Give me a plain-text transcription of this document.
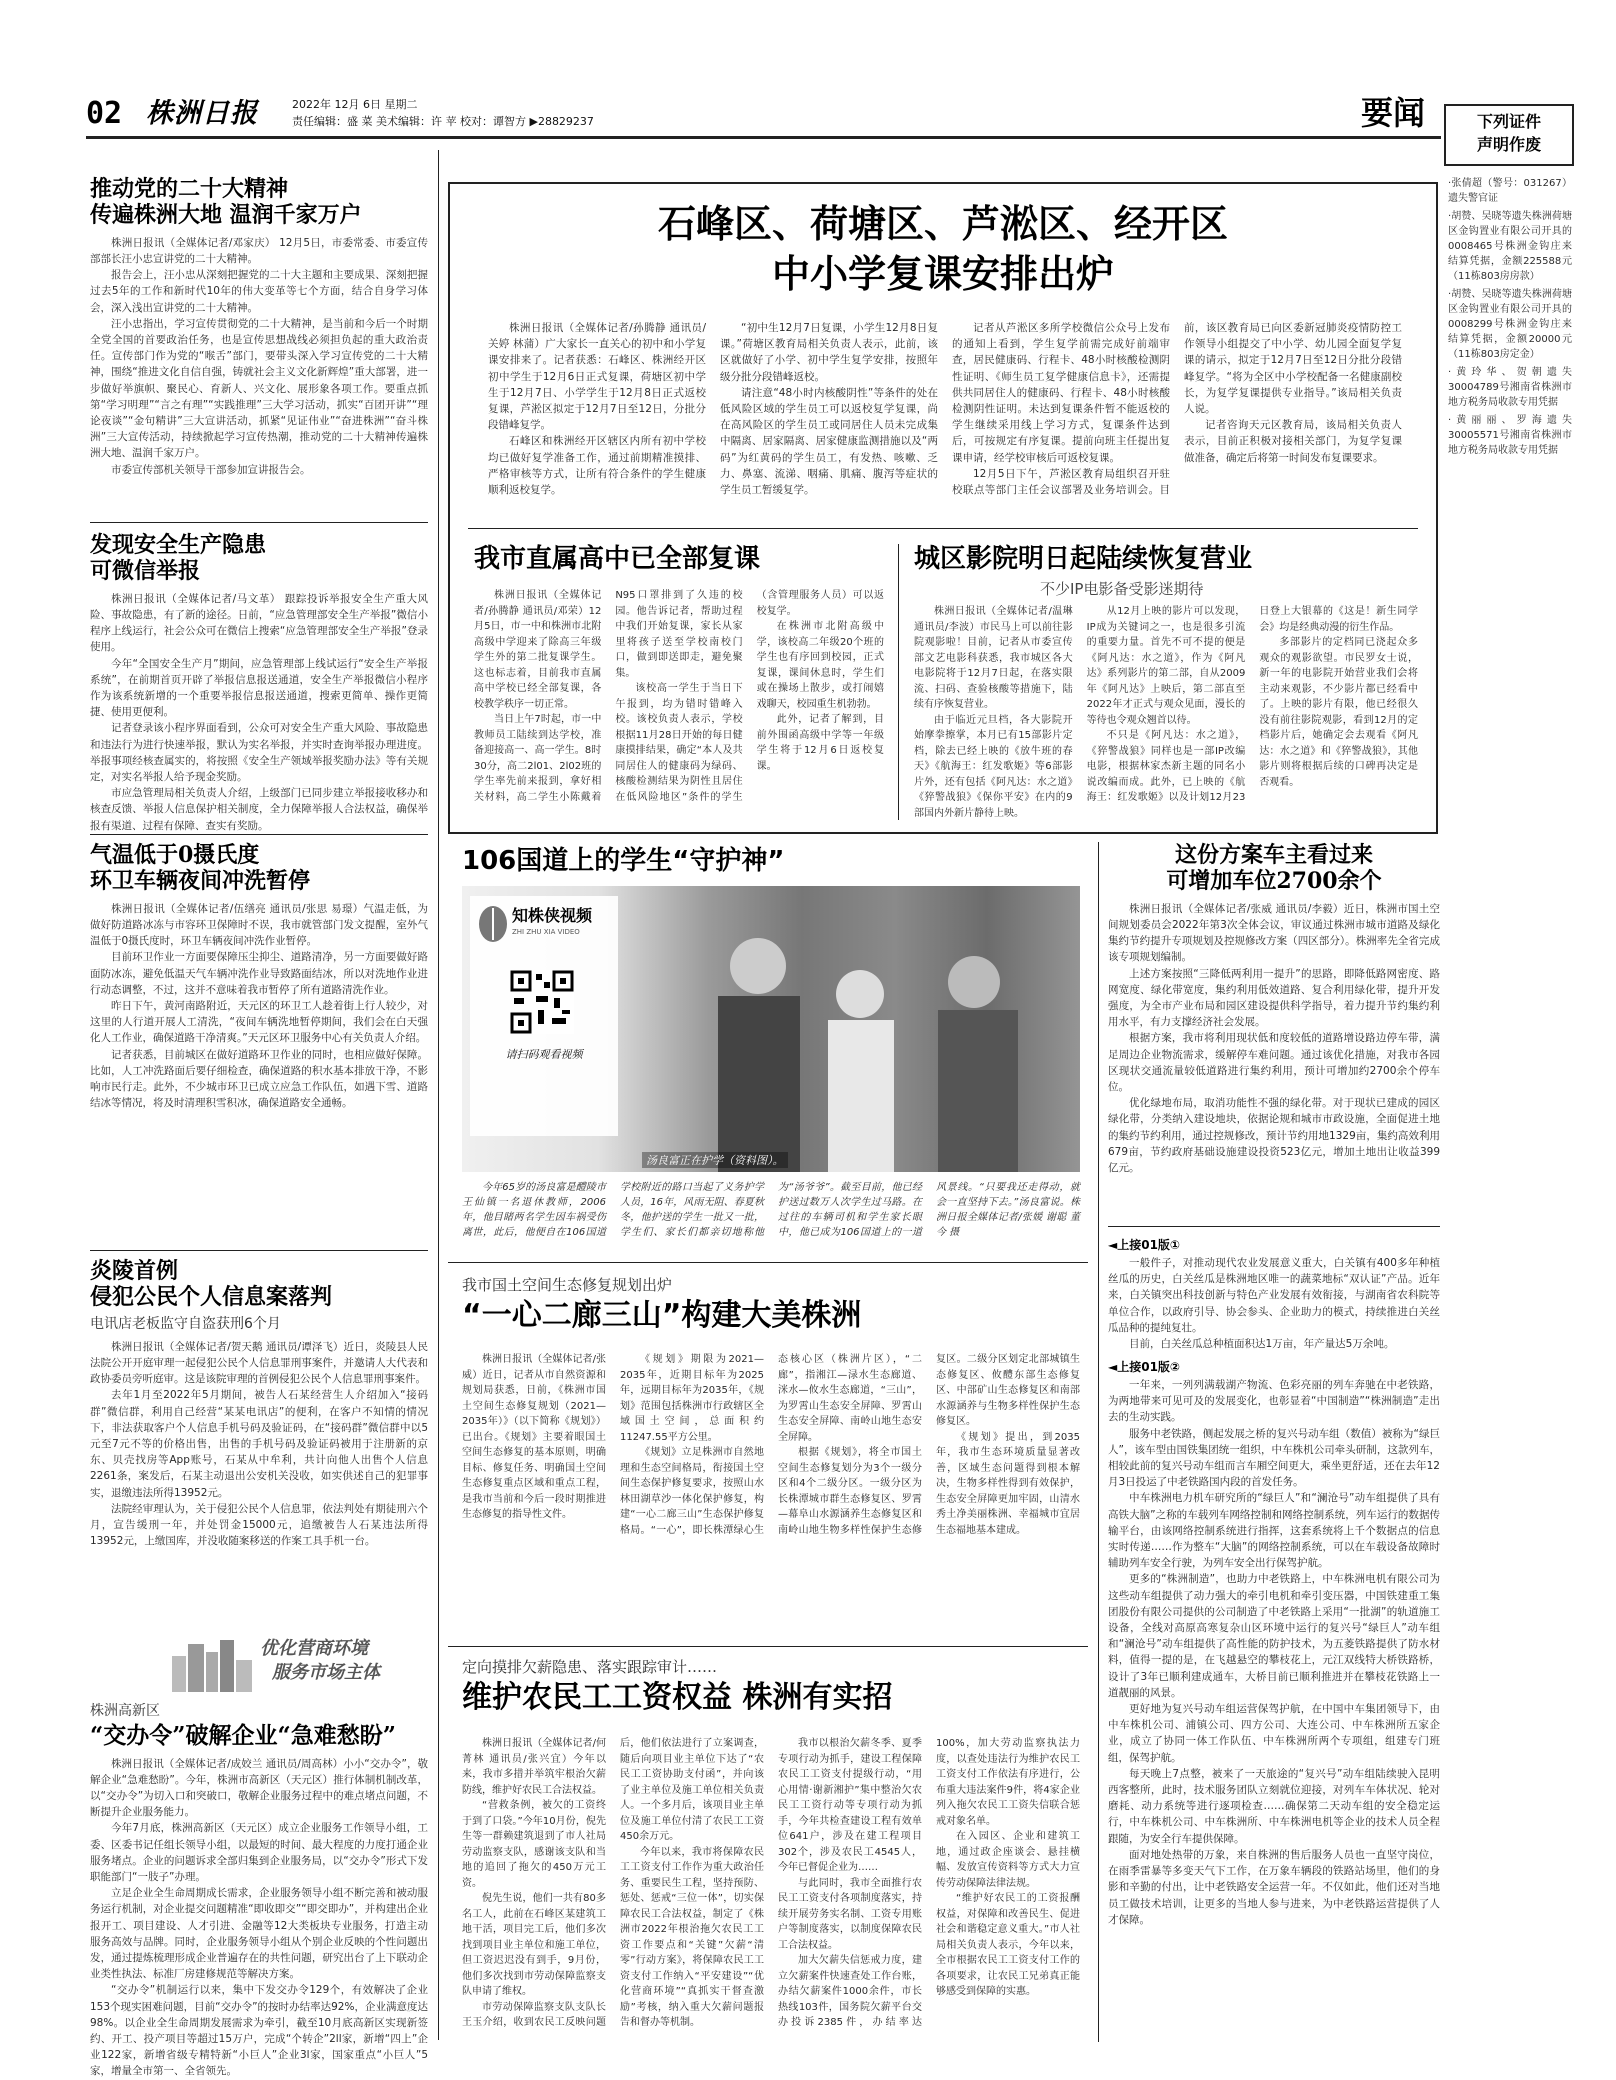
02 株洲日报	2022年 12月 6日 星期二
责任编辑：盛 菜 美术编辑：许 苹 校对：谭智方 ▶28829237	要闻	下列证件
声明作废

·张倩超（警号：031267）遗失警官证

·胡赞、吴晓等遗失株洲荷塘区金钩置业有限公司开具的0008465号株洲金钩庄来结算凭据，金额225588元（11栋803房房款）

·胡赞、吴晓等遗失株洲荷塘区金钩置业有限公司开具的0008299号株洲金钩庄来结算凭据，金额20000元（11栋803房定金）

·黄玲华、贺朝遗失30004789号湘南省株洲市地方税务局收款专用凭据

·黄丽丽、罗海遗失30005571号湘南省株洲市地方税务局收款专用凭据

推动党的二十大精神
传遍株洲大地 温润千家万户

株洲日报讯（全媒体记者/邓家庆） 12月5日，市委常委、市委宣传部部长汪小忠宣讲党的二十大精神。

报告会上，汪小忠从深刻把握党的二十大主题和主要成果、深刻把握过去5年的工作和新时代10年的伟大变革等七个方面，结合自身学习体会，深入浅出宣讲党的二十大精神。

汪小忠指出，学习宣传贯彻党的二十大精神，是当前和今后一个时期全党全国的首要政治任务，也是宣传思想战线必须担负起的重大政治责任。宣传部门作为党的“喉舌”部门，要带头深入学习宣传党的二十大精神，围绕“推进文化自信自强，铸就社会主义文化新辉煌”重大部署，进一步做好举旗帜、聚民心、育新人、兴文化、展形象各项工作。要重点抓第“学习明理”“言之有理”“实践推理”三大学习活动，抓实“百团开讲”“理论夜谈”“金句精讲”三大宣讲活动，抓紧“见证伟业”“奋进株洲”“奋斗株洲”三大宣传活动，持续掀起学习宣传热潮，推动党的二十大精神传遍株洲大地、温润千家万户。

市委宣传部机关领导干部参加宣讲报告会。

发现安全生产隐患
可微信举报

株洲日报讯（全媒体记者/马文革） 跟踪投诉举报安全生产重大风险、事故隐患，有了新的途径。日前，“应急管理部安全生产举报”微信小程序上线运行，社会公众可在微信上搜索“应急管理部安全生产举报”登录使用。

今年“全国安全生产月”期间，应急管理部上线试运行“安全生产举报系统”，在前期首页开辟了举报信息报送通道，安全生产举报微信小程序作为该系统新增的一个重要举报信息报送通道，搜索更简单、操作更简捷、使用更便利。

记者登录该小程序界面看到，公众可对安全生产重大风险、事故隐患和违法行为进行快速举报，默认为实名举报，并实时查询举报办理进度。举报事项经核查属实的，将按照《安全生产领域举报奖励办法》等有关规定，对实名举报人给予现金奖励。

市应急管理局相关负责人介绍，上级部门已同步建立举报接收移办和核查反馈、举报人信息保护相关制度，全力保障举报人合法权益，确保举报有渠道、过程有保障、查实有奖励。

气温低于0摄氏度
环卫车辆夜间冲洗暂停

株洲日报讯（全媒体记者/伍缮亮 通讯员/张思 易璟）气温走低，为做好防道路冰冻与市容环卫保障时不误，我市就管部门发文提醒，室外气温低于0摄氏度时，环卫车辆夜间冲洗作业暂停。

目前环卫作业一方面要保障压尘抑尘、道路清净，另一方面要做好路面防冰冻，避免低温天气车辆冲洗作业导致路面结冰，所以对洗地作业进行动态调整，不过，这并不意味着我市暂停了所有道路清洗作业。

昨日下午，黄河南路附近，天元区的环卫工人趁着街上行人较少，对这里的人行道开展人工清洗，“夜间车辆洗地暂停期间，我们会在白天强化人工作业，确保道路干净清爽。”天元区环卫服务中心有关负责人介绍。

记者获悉，目前城区在做好道路环卫作业的同时，也相应做好保障。比如，人工冲洗路面后要仔细检查，确保道路的积水基本排放干净，不影响市民行走。此外，不少城市环卫已成立应急工作队伍，如遇下雪、道路结冰等情况，将及时清理积雪积冰，确保道路安全通畅。

炎陵首例
侵犯公民个人信息案落判
电讯店老板监守自盗获刑6个月

株洲日报讯（全媒体记者/贺天鹅 通讯员/谭泽飞）近日，炎陵县人民法院公开开庭审理一起侵犯公民个人信息罪刑事案件，并邀请人大代表和政协委员旁听庭审。这是该院审理的首例侵犯公民个人信息罪刑事案件。

去年1月至2022年5月期间，被告人石某经营生人介绍加入“接码群”微信群，利用自己经营“某某电讯店”的便利，在客户不知情的情况下，非法获取客户个人信息手机号码及验证码，在“接码群”微信群中以5元至7元不等的价格出售，出售的手机号码及验证码被用于注册新的京东、贝壳找房等App账号，石某从中牟利，共计向他人出售个人信息2261条，案发后，石某主动退出公安机关没收，如实供述自己的犯罪事实，退缴违法所得13952元。

法院经审理认为，关于侵犯公民个人信息罪，依法判处有期徒刑六个月，宣告缓刑一年，并处罚金15000元，追缴被告人石某违法所得13952元，上缴国库，并没收随案移送的作案工具手机一台。

优化营商环境
服务市场主体
株洲高新区
“交办令”破解企业“急难愁盼”

株洲日报讯（全媒体记者/成姣兰 通讯员/周高林）小小“交办令”，敬解企业“急难愁盼”。今年，株洲市高新区（天元区）推行体制机制改革，以“交办令”为切入口和突破口，敬解企业服务过程中的难点堵点问题，不断提升企业服务能力。

今年7月底，株洲高新区（天元区）成立企业服务工作领导小组，工委、区委书记任组长领导小组，以最短的时间、最大程度的力度打通企业服务堵点。企业的问题诉求全部归集到企业服务局，以“交办令”形式下发职能部门“一肢子”办理。

立足企业全生命周期成长需求，企业服务领导小组不断完善和被动服务运行机制，对企业提交问题精准“即收即交”“即交即办”，并构建出企业报开工、项目建设、人才引进、金融等12大类板块专业服务，打造主动服务高效与品牌。同时，企业服务领导小组从个别企业反映的个性问题出发，通过提炼梳理形成企业普遍存在的共性问题，研究出台了上下联动企业类性执法、标准厂房建修规范等解决方案。

“交办令”机制运行以来，集中下发交办令129个，有效解决了企业153个现实困难问题，目前“交办令”的按时办结率达92%，企业满意度达98%。以企业全生命周期发展需求为牵引，截至10月底高新区实现新签约、开工、投产项目等超过15万户，完成“个转企”2ll家，新增“四上”企业122家，新增省级专精特新“小巨人”企业3l家，国家重点“小巨人”5家，增量全市第一、全省领先。

石峰区、荷塘区、芦淞区、经开区
中小学复课安排出炉

株洲日报讯（全媒体记者/孙腾静 通讯员/关婷 林蒲）广大家长一直关心的初中和小学复课安排来了。记者获悉：石峰区、株洲经开区初中学生于12月6日正式复课，荷塘区初中学生于12月7日、小学学生于12月8日正式返校复课，芦淞区拟定于12月7日至12日，分批分段错峰复学。

石峰区和株洲经开区辖区内所有初中学校均已做好复学准备工作，通过前期精准摸排、严格审核等方式，让所有符合条件的学生健康顺利返校复学。

“初中生12月7日复课，小学生12月8日复课。”荷塘区教育局相关负责人表示，此前，该区就做好了小学、初中学生复学安排，按照年级分批分段错峰返校。

请注意“48小时内核酸阴性”等条件的处在低风险区域的学生员工可以返校复学复课，尚在高风险区的学生员工或同居住人员未完成集中隔离、居家隔离、居家健康监测措施以及“两码”为红黄码的学生员工，有发热、咳嗽、乏力、鼻塞、流涕、咽痛、肌痛、腹泻等症状的学生员工暂缓复学。

记者从芦淞区多所学校微信公众号上发布的通知上看到，学生复学前需完成好前端审查，居民健康码、行程卡、48小时核酸检测阴性证明、《师生员工复学健康信息卡》，还需提供共同居住人的健康码、行程卡、48小时核酸检测阴性证明。未达到复课条件暂不能返校的学生继续采用线上学习方式，复课条件达到后，可按规定有序复课。提前向班主任提出复课申请，经学校审核后可返校复课。

12月5日下午，芦淞区教育局组织召开驻校联点等部门主任会议部署及业务培训会。目前，该区教育局已向区委新冠肺炎疫情防控工作领导小组提交了中小学、幼儿园全面复学复课的请示，拟定于12月7日至12日分批分段错峰复学。“将为全区中小学校配备一名健康副校长，为复学复课提供专业指导。”该局相关负责人说。

记者咨询天元区教育局，该局相关负责人表示，目前正积极对接相关部门，为复学复课做准备，确定后将第一时间发布复课要求。

我市直属高中已全部复课

株洲日报讯（全媒体记者/孙腾静 通讯员/邓荣）12月5日，市一中和株洲市北附高级中学迎来了除高三年级学生外的第二批复课学生。这也标志着，目前我市直属高中学校已经全部复课，各校教学秩序一切正常。

当日上午7时起，市一中教师员工陆续到达学校，准备迎接高一、高一学生。8时30分，高二2l01、2l02班的学生率先前来报到，拿好相关材料，高二学生小陈戴着N95口罩排到了久违的校园。他告诉记者，帮助过程中我们开始复课，家长从家里将孩子送至学校南校门口，做到即送即走，避免聚集。

该校高一学生于当日下午报到，均为错时错峰入校。该校负责人表示，学校根据11月28日开始的每日健康摸排结果，确定“本人及共同居住人的健康码为绿码、核酸检测结果为阴性且居住在低风险地区”条件的学生（含管理服务人员）可以返校复学。

在株洲市北附高级中学，该校高二年级20个班的学生也有序回到校园，正式复课，课间休息时，学生们或在操场上散步，或打闹嬉戏聊天，校园重生机勃勃。

此外，记者了解到，目前外围函高级中学等一年级学生将于12月6日返校复课。

城区影院明日起陆续恢复营业
不少IP电影备受影迷期待

株洲日报讯（全媒体记者/温琳 通讯员/李波）市民马上可以前往影院观影啦！目前，记者从市委宣传部文艺电影科获悉，我市城区各大电影院将于12月7日起，在落实限流、扫码、查验核酸等措施下，陆续有序恢复营业。

由于临近元旦档，各大影院开始摩拳擦掌，本月已有15部影片定档，除去已经上映的《放牛班的春天》《航海王：红发歌姬》等6部影片外，还有包括《阿凡达：水之道》《猝警战狼》《保你平安》在内的9部国内外新片静待上映。

从12月上映的影片可以发现，IP成为关键词之一，也是很多引流的重要力量。首先不可不提的便是《阿凡达：水之道》，作为《阿凡达》系列影片的第二部，自从2009年《阿凡达》上映后，第二部直至2022年才正式与观众见面，漫长的等待也令观众翘首以待。

不只是《阿凡达：水之道》，《猝警战狼》同样也是一部IP改编电影，根据林家杰新主题的同名小说改编而成。此外，已上映的《航海王：红发歌姬》以及计划12月23日登上大银幕的《这是！新生同学会》均是经典动漫的衍生作品。

多部影片的定档同已浇起众多观众的观影欲望。市民罗女士说，新一年的电影院开始营业我们会将主动来观影，不少影片都已经看中了。上映的影片有限，他已经很久没有前往影院观影，看到12月的定档影片后，她确定会去观看《阿凡达：水之道》和《猝警战狼》，其他影片则将根据后续的口碑再决定是否观看。

106国道上的学生“守护神”
知株侠视频
ZHI ZHU XIA VIDEO
请扫码观看视频
汤良富正在护学（资料图）。
今年65岁的汤良富是醴陵市王仙镇一名退休教师，2006年，他目睹两名学生因车祸受伤离世，此后，他便自在106国道学校附近的路口当起了义务护学人员，16年，风雨无阻、春夏秋冬，他护送的学生一批又一批，学生们、家长们都亲切地称他为“汤爷爷”。截至目前，他已经护送过数万人次学生过马路。在过往的车辆司机和学生家长眼中，他已成为106国道上的一道风景线。“只要我还走得动，就会一直坚持下去。”汤良富说。株洲日报全媒体记者/张媛 谢聪 董今 摄
我市国土空间生态修复规划出炉
“一心二廊三山”构建大美株洲

株洲日报讯（全媒体记者/张威）近日，记者从市自然资源和规划局获悉，日前，《株洲市国土空间生态修复规划（2021—2035年）》（以下简称《规划》）已出台。《规划》主要着眼国土空间生态修复的基本原则，明确目标、修复任务、明确国土空间生态修复重点区域和重点工程，是我市当前和今后一段时期推进生态修复的指导性文件。

《规划》期限为2021—2035年，近期目标年为2025年，远期目标年为2035年，《规划》范围包括株洲市行政辖区全域国土空间，总面积约11247.55平方公里。

《规划》立足株洲市自然地理和生态空间格局，衔接国土空间生态保护修复要求，按照山水林田湖草沙一体化保护修复，构建“一心二廊三山”生态保护修复格局。“一心”，即长株潭绿心生态核心区（株洲片区），“二廊”，指湘江—渌水生态廊道、洣水—攸水生态廊道，“三山”，为罗霄山生态安全屏障、罗霄山生态安全屏障、南岭山地生态安全屏障。

根据《规划》，将全市国土空间生态修复划分为3个一级分区和4个二级分区。一级分区为长株潭城市群生态修复区、罗霄—幕阜山水源涵养生态修复区和南岭山地生物多样性保护生态修复区。二级分区划定北部城镇生态修复区、攸醴东部生态修复区、中部矿山生态修复区和南部水源涵养与生物多样性保护生态修复区。

《规划》提出，到2035年，我市生态环境质量显著改善，区域生态问题得到根本解决，生物多样性得到有效保护，生态安全屏障更加牢固，山清水秀土净美丽株洲、幸福城市宜居生态福地基本建成。

定向摸排欠薪隐患、落实跟踪审计……
维护农民工工资权益 株洲有实招

株洲日报讯（全媒体记者/何菁林 通讯员/张兴宜）今年以来，我市多措并举筑牢根治欠薪防线，维护好农民工合法权益。

“营救条例，被欠的工资终于到了口袋。”今年10月份，倪先生等一群赖建筑退到了市人社局劳动监察支队，感谢该支队和当地的追回了拖欠的450万元工资。

倪先生说，他们一共有80多名工人，此前在石峰区某建筑工地干活，项目完工后，他们多次找到项目业主单位和施工单位，但工资迟迟没有到手，9月份，他们多次找到市劳动保障监察支队申请了维权。

市劳动保障监察支队支队长王玉介绍，收到农民工反映问题后，他们依法进行了立案调查，随后向项目业主单位下达了“农民工工资协助支付函”，并向该了业主单位及施工单位相关负责人。一个多月后，该项目业主单位及施工单位付清了农民工工资450余万元。

今年以来，我市将保障农民工工资支付工作作为重大政治任务、重要民生工程，坚持预防、惩处、惩戒“三位一体”，切实保障农民工合法权益，制定了《株洲市2022年根治拖欠农民工工资工作要点和“关键”欠薪“清零”行动方案》，将保障农民工工资支付工作纳入“平安建设”“优化营商环境”“真抓实干督查激励”考核，纳入重大欠薪问题报告和督办等机制。

我市以根治欠薪冬季、夏季专项行动为抓手，建设工程保障农民工工资支付提级行动，“用心用情·谢新湘护”集中整治欠农民工工资行动等专项行动为抓手，今年共检查建设工程有效单位641户，涉及在建工程项目302个，涉及农民工4545人，今年已督促企业为……

与此同时，我市全面推行农民工工资支付各项制度落实，持续开展劳务实名制、工资专用账户等制度落实，以制度保障农民工合法权益。

加大欠薪失信惩戒力度，建立欠薪案件快速查处工作台账，办结欠薪案件1000余件，市长热线103件，国务院欠薪平台交办投诉2385件，办结率达100%，加大劳动监察执法力度，以查处违法行为维护农民工工资支付工作依法有序进行，公布重大违法案件9件，将4家企业列入拖欠农民工工资失信联合惩戒对象名单。

在入园区、企业和建筑工地，通过政企座谈会、悬挂横幅、发放宣传资料等方式大力宣传劳动保障法律法规。

“维护好农民工的工资报酬权益，对保障和改善民生、促进社会和谐稳定意义重大。”市人社局相关负责人表示，今年以来，全市根据农民工工资支付工作的各项要求，让农民工兄弟真正能够感受到保障的实惠。

这份方案车主看过来
可增加车位2700余个

株洲日报讯（全媒体记者/张威 通讯员/李毅）近日，株洲市国土空间规划委员会2022年第3次全体会议，审议通过株洲市城市道路及绿化集约节约提升专项规划及控规修改方案（四区部分）。株洲率先全省完成该专项规划编制。

上述方案按照“三降低两利用一提升”的思路，即降低路网密度、路网宽度、绿化带宽度，集约利用低效道路、复合利用绿化带，提升开发强度，为全市产业布局和园区建设提供科学指导，着力提升节约集约利用水平，有力支撑经济社会发展。

根据方案，我市将利用现状低和度较低的道路增设路边停车带，满足周边企业物流需求，缓解停车难问题。通过该优化措施，对我市各园区现状交通流量较低道路进行集约利用，预计可增加约2700余个停车位。

优化绿地布局，取消功能性不强的绿化带。对于现状已建成的园区绿化带，分类纳入建设地块，依据论规和城市市政设施，全面促进土地的集约节约利用，通过控规修改，预计节约用地1329亩，集约高效利用679亩，节约政府基础设施建设投资523亿元，增加土地出让收益399亿元。

◄上接01版①

一般件子，对推动现代农业发展意义重大，白关镇有400多年种植丝瓜的历史，白关丝瓜是株洲地区唯一的蔬菜地标“双认证”产品。近年来，白关镇突出科技创新与特色产业发展有效衔接，与湖南省农科院等单位合作，以政府引导、协会参头、企业助力的模式，持续推进白关丝瓜品种的提纯复壮。

目前，白关丝瓜总种植面积达1万亩，年产量达5万余吨。

◄上接01版②

一年来，一列列满载湖产物流、色彩亮丽的列车奔驰在中老铁路，为两地带来可见可及的发展变化，也彰显着“中国制造”“株洲制造”走出去的生动实践。

服务中老铁路，侧起发展之桥的复兴号动车组（数值）被称为“绿巨人”，该车型由国铁集团统一组织，中车株机公司牵头研制，这款列车，相较此前的复兴号动车组而言车厢空间更大，乘坐更舒适，还在去年12月3日投运了中老铁路国内段的首发任务。

中车株洲电力机车研究所的“绿巨人”和“澜沧号”动车组提供了具有高铁大脑”之称的车载列车网络控制和网络控制系统，列车运行的数据传输平台，由该网络控制系统进行指挥，这套系统将上千个数据点的信息实时传递……作为整车“大脑”的网络控制系统，可以在车载设备故障时辅助列车安全行驶，为列车安全出行保驾护航。

更多的“株洲制造”，也助力中老铁路上，中车株洲电机有限公司为这些动车组提供了动力强大的牵引电机和牵引变压器，中国铁建重工集团股份有限公司提供的公司制造了中老铁路上采用“一批湖”的轨道施工设备，全线对高原高寒复杂山区环境中运行的复兴号“绿巨人”动车组和“澜沧号”动车组提供了高性能的防护技术，为五菱铁路提供了防水材料，值得一提的是，在飞越悬空的攀枝花上，元江双线特大桥铁路桥，设计了3年已顺利建成通车，大桥目前已顺利推进并在攀枝花铁路上一道靓丽的风景。

更好地为复兴号动车组运营保驾护航，在中国中车集团领导下，由中车株机公司、浦镇公司、四方公司、大连公司、中车株洲所五家企业，成立了协同一体工作队伍、中车株洲所两个专项组，组建专门班组，保驾护航。

每天晚上7点整，被来了一天旅途的“复兴号”动车组陆续驶入昆明西客整所，此时，技术服务团队立刻就位迎接，对列车车体状况、轮对磨耗、动力系统等进行逐项检查……确保第二天动车组的安全稳定运行，中车株机公司、中车株洲所、中车株洲电机等企业的技术人员全程跟随，为安全行车提供保障。

面对地处热带的万象，来自株洲的售后服务人员也一直坚守岗位，在雨季雷暴等多变天气下工作，在万象车辆段的铁路站场里，他们的身影和辛勤的付出，让中老铁路安全运营一年。不仅如此，他们还对当地员工做技术培训，让更多的当地人参与进来，为中老铁路运营提供了人才保障。
